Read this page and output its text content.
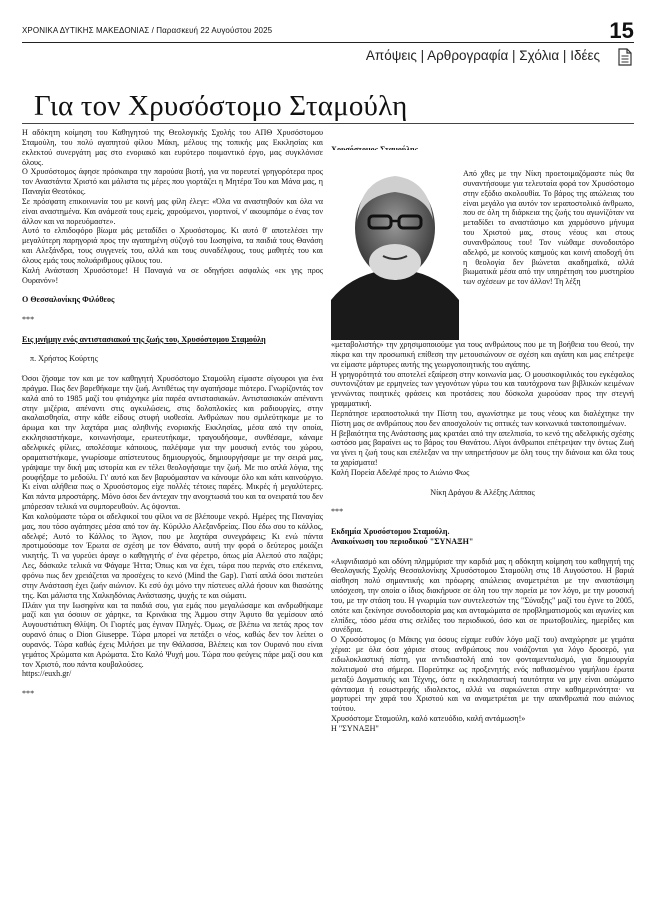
ΧΡΟΝΙΚΑ ΔΥΤΙΚΗΣ ΜΑΚΕΔΟΝΙΑΣ / Παρασκευή 22 Αυγούστου 2025	15
Απόψεις | Αρθρογραφία | Σχόλια | Ιδέες
Για τον Χρυσόστομο Σταμούλη

Η αδόκητη κοίμηση του Καθηγητού της Θεολογικής Σχολής του ΑΠΘ Χρυσόστομου Σταμούλη, του πολύ αγαπητού φίλου Μάκη, μέλους της τοπικής μας Εκκλησίας και εκλεκτού συνεργάτη μας στο ενοριακό και ευρύτερο ποιμαντικό έργο, μας συγκλόνισε όλους.

Ο Χρυσόστομος άφησε πρόσκαιρα την παρούσα βιοτή, για να πορευτεί γρηγορότερα προς τον Αναστάντα Χριστό και μάλιστα τις μέρες που γιορτάζει η Μητέρα Του και Μάνα μας, η Παναγία Θεοτόκος.

Σε πρόσφατη επικοινωνία του με κοινή μας φίλη έλεγε: «Όλα να αναστηθούν και όλα να είναι αναστημένα. Και ανάμεσά τους εμείς, χαρούμενοι, γιορτινοί, ν' ακουμπάμε ο ένας τον άλλον και να πορευόμαστε».

Αυτό το ελπιδοφόρο βίωμα μάς μεταδίδει ο Χρυσόστομος. Κι αυτό θ' αποτελέσει την μεγαλύτερη παρηγοριά προς την αγαπημένη σύζυγό του Ιωσηφίνα, τα παιδιά τους Θανάση και Αλεξάνδρα, τους συγγενείς του, αλλά και τους συναδέλφους, τους μαθητές του και όλους εμάς τους πολυάριθμους φίλους του.

Καλή Ανάσταση Χρυσόστομε! Η Παναγιά να σε οδηγήσει ασφαλώς «εκ γης προς Ουρανόν»!

Ο Θεσσαλονίκης Φιλόθεος

***

Εις μνήμην ενός αντιστασιακού της ζωής του, Χρυσόστομου Σταμούλη

π. Χρήστος Κούρτης

Όσοι ζήσαμε τον και με τον καθηγητή Χρυσόστομο Σταμούλη είμαστε σίγουροι για ένα πράγμα. Πως δεν βαρεθήκαμε την ζωή. Αντιθέτως την αγαπήσαμε πιότερο. Γνωρίζοντάς τον καλά από το 1985 μαζί του φτιάχνηκε μία παρέα αντιστασιακών. Αντιστασιακών απέναντι στην μιζέρια, απέναντι στις αγκυλώσεις, στις δολοπλοκίες και ραδιουργίες, στην ακαλαισθησία, στην κάθε είδους στυφή υιοθεσία. Ανθρώπων που σμιλεύτηκαμε με το άρωμα και την λαχτάρα μιας αληθινής ενοριακής Εκκλησίας, μέσα από την οποία, εκκλησιαστήκαμε, κοινωνήσαμε, ερωτευτήκαμε, τραγουδήσαμε, συνθέσαμε, κάναμε αδελφικές φίλιες, απολέσαμε κάποιους, παλέψαμε για την μουσική εντός του χώρου, οραματιστήκαμε, γνωρίσαμε απίστευτους δημιουργούς, δημιουργήσαμε με την σειρά μας, γράψαμε την δική μας ιστορία και εν τέλει θεολογήσαμε την ζωή. Με πιο απλά λόγια, της ρουφήξαμε το μεδούλι. Γι' αυτό και δεν βαρυόμασταν να κάνουμε όλο και κάτι καινούργιο. Κι είναι αλήθεια πως ο Χρυσόστομος είχε πολλές τέτοιες παρέες. Μικρές ή μεγαλύτερες. Και πάντα μπροστάρης. Μόνο όσοι δεν άντεχαν την ανοιχτωσιά του και τα ονειρατά του δεν μπόρεσαν τελικά να συμπορευθούν. Ας όψονται.

Και καλούμαστε τώρα οι αδελφικοί του φίλοι να σε βλέπουμε νεκρό. Ημέρες της Παναγίας μας, που τόσο αγάπησες μέσα από τον άγ. Κύριλλο Αλεξανδρείας. Που έδω σου το κάλλος, αδελφέ; Αυτό το Κάλλος το Άγιον, που με λαχτάρα συνεγράφεις; Κι ενώ πάντα προτιμούσαμε τον Έρωτα σε σχέση με τον Θάνατο, αυτή την φορά ο δεύτερος μοιάζει νικητής. Τι να γυρεύει άραγε ο καθηγητής σ' ένα φέρετρο, όπως μία Αλεπού στο παζάρι; Λες, δάσκαλε τελικά να Φάγαμε Ήττα; Όπως και να έχει, τώρα που περνάς στο επέκεινα, φρόνω πως δεν χρειάζεται να προσέχεις το κενό (Mind the Gap). Γιατί απλά όσοι πιστεύει στην Ανάσταση έχει ζωήν αιώνιον. Κι εσύ όχι μόνο την πίστευες αλλά ήσουν και θιασώτης της. Και μάλιστα της Χαλκηδόνιας Ανάστασης, ψυχής τε και σώματι.

Πλάιν για την Ιωσηφίνα και τα παιδιά σου, για εμάς που μεγαλώσαμε και ανδρωθήκαμε μαζί και για όσοιυν σε χάρηκε, τα Κρινάκια της Άμμου στην Άφυτο θα γεμίσουν από Αυγουστιάτικη Θλίψη. Οι Γιορτές μας έγιναν Πληγές. Όμως, σε βλέπω να πετάς προς τον ουρανό όπως ο Dion Giuseppe. Τώρα μπορεί να πετάξει ο νέος, καθώς δεν τον λείπει ο ουρανός. Τώρα καθώς έχεις Μιλήσει με την Θάλασσα, Βλέπεις και τον Ουρανό που είναι γεμάτος Χρώματα και Αρώματα. Στο Καλό Ψυχή μου. Τώρα που φεύγεις πάρε μαζί σου και τον Χριστό, που πάντα κουβαλούσες.

https://euxh.gr/

***

Από χθες με την Νίκη προετοιμαζόμαστε πώς θα συναντήσουμε για τελευταία φορά τον Χρυσόστομο στην εξόδιο ακολουθία. Το βάρος της απώλειας του είναι μεγάλο για αυτόν τον ιεραποστολικό άνθρωπο, που σε όλη τη διάρκεια της ζωής του αγωνίζόταν να μεταδίδει το αναστάσιμο και χαρμόσυνο μήνυμα του Χριστού μας, στους νέους και στους συνανθρώπους του! Τον νιώθαμε συνοδοιπόρο αδελφό, με κοινούς καημούς και κοινή αποδοχή ότι η θεολογία δεν βιώνεται ακαδημαϊκά, αλλά βιωματικά μέσα από την υπηρέτηση του μυστηρίου των σχέσεων με τον άλλον! Τη λέξη

«μεταβολιστής» την χρησιμοποιούμε για τους ανθρώπους που με τη βοήθεια του Θεού, την πίκρα και την προσωπική επίθεση την μετουσιώνουν σε σχέση και αγάπη και μας επέτρεψε να είμαστε μάρτυρες αυτής της γεωργοποιητικής του αγάπης.

Η γρηγορότητά του αποτελεί εξαίρεση στην κοινωνία μας. Ο μουσικοφιλικός του εγκέφαλος συντονιζόταν με ερμηνείες των γεγονότων γύρω του και ταυτόχρονα των βιβλικών κειμένων γεννώντας ποιητικές φράσεις και προτάσεις που δύσκολα χωρούσαν προς την στεγνή γραμματική.

Περπάτησε ιεραποστολικά την Πίστη του, αγωνίστηκε με τους νέους και διαλέχτηκε την Πίστη μας σε ανθρώπους που δεν αποσχολούν τις οπτικές των κοινωνικά τακτοποιημένων.

Η βεβαιότητα της Ανάστασης μας κρατάει από την απελπισία, το κενό της αδελφικής σχέσης ωστόσο μας βαραίνει ως το βάρος του Θανάτου. Λίγοι άνθρωποι επέτρεψαν την όντως Ζωή να γίνει η ζωή τους και επέλεξαν να την υπηρετήσουν με όλη τους την διάνοια και όλα τους τα χαρίσματα!

Καλή Πορεία Αδελφέ προς το Αιώνιο Φως

Νίκη Δράγου & Αλέξης Λάππας

***

Εκδημία Χρυσόστομου Σταμούλη.

Ανακοίνωση του περιοδικού "ΣΥΝΑΞΗ"

«Αιφνιδιασμό και οδύνη πλημμύρισε την καρδιά μας η αδόκητη κοίμηση του καθηγητή της Θεολογικής Σχολής Θεσσαλονίκης Χρυσόστομου Σταμούλη στις 18 Αυγούστου. Η βαριά αίσθηση πολύ σημαντικής και πρόωρης απώλειας αναμετριέται με την αναστάσιμη υπόσχεση, την οποία ο ίδιος διακήρυσε σε όλη του την πορεία με τον λόγο, με την μουσική του, με την στάση του. Η γνωριμία των συντελεστών της "Σύναξης" μαζί του έγινε το 2005, οπότε και ξεκίνησε συνοδοιπορία μας και ανταμώματα σε προβληματισμούς και αγωνίες και ελπίδες, τόσο μέσα στις σελίδες του περιοδικού, όσο και σε πρωτοβουλίες, ημερίδες και συνέδρια.

Ο Χρυσόστομος (ο Μάκης για όσους είχαμε ευθύν λόγο μαζί του) αναχώρησε με γεμάτα χέρια: με όλα όσα χάρισε στους ανθρώπους που νοιάζονται για λόγο δροσερό, για ειδωλοκλαστική πίστη, για αντιδιαστολή από τον φονταμενταλισμό, για δημιουργία πολιτισμού στο σήμερα. Πορεύτηκε ως προξενητής ενός παθιασμένου γαμήλιου έρωτα μεταξύ Δογματικής και Τέχνης, όστε η εκκλησιαστική ταυτότητα να μην είναι ασώματο φάντασμα ή εσωστρεφής ιδιολεκτος, αλλά να σαρκώνεται στην καθημερινότητα· να μαρτυρεί την χαρά του Χριστού και να αναμετριέται με την απανθρωπιά που αιώνιος τούτου.

Χρυσόστομε Σταμούλη, καλό κατευόδιο, καλή αντάμωση!»

Η "ΣΥΝΑΞΗ"
